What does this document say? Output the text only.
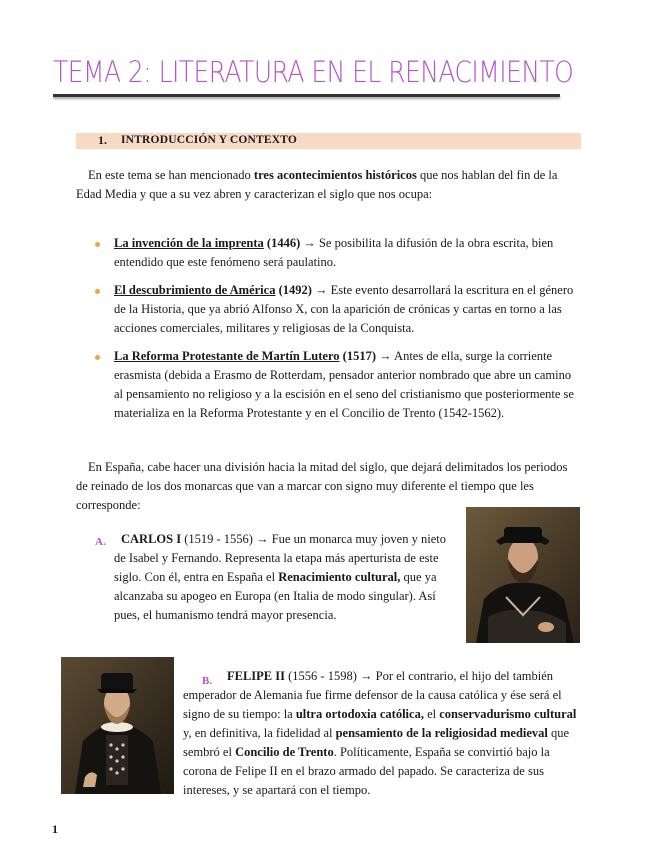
TEMA 2: LITERATURA EN EL RENACIMIENTO
1. INTRODUCCIÓN Y CONTEXTO
En este tema se han mencionado tres acontecimientos históricos que nos hablan del fin de la Edad Media y que a su vez abren y caracterizan el siglo que nos ocupa:
La invención de la imprenta (1446) → Se posibilita la difusión de la obra escrita, bien entendido que este fenómeno será paulatino.
El descubrimiento de América (1492) → Este evento desarrollará la escritura en el género de la Historia, que ya abrió Alfonso X, con la aparición de crónicas y cartas en torno a las acciones comerciales, militares y religiosas de la Conquista.
La Reforma Protestante de Martín Lutero (1517) → Antes de ella, surge la corriente erasmista (debida a Erasmo de Rotterdam, pensador anterior nombrado que abre un camino al pensamiento no religioso y a la escisión en el seno del cristianismo que posteriormente se materializa en la Reforma Protestante y en el Concilio de Trento (1542-1562).
En España, cabe hacer una división hacia la mitad del siglo, que dejará delimitados los periodos de reinado de los dos monarcas que van a marcar con signo muy diferente el tiempo que les corresponde:
A.	CARLOS I (1519 - 1556) → Fue un monarca muy joven y nieto de Isabel y Fernando. Representa la etapa más aperturista de este siglo. Con él, entra en España el Renacimiento cultural, que ya alcanzaba su apogeo en Europa (en Italia de modo singular). Así pues, el humanismo tendrá mayor presencia.
B.	FELIPE II (1556 - 1598) → Por el contrario, el hijo del también emperador de Alemania fue firme defensor de la causa católica y ése será el signo de su tiempo: la ultra ortodoxia católica, el conservadurismo cultural y, en definitiva, la fidelidad al pensamiento de la religiosidad medieval que sembró el Concilio de Trento. Políticamente, España se convirtió bajo la corona de Felipe II en el brazo armado del papado. Se caracteriza de sus intereses, y se apartará con el tiempo.
1
